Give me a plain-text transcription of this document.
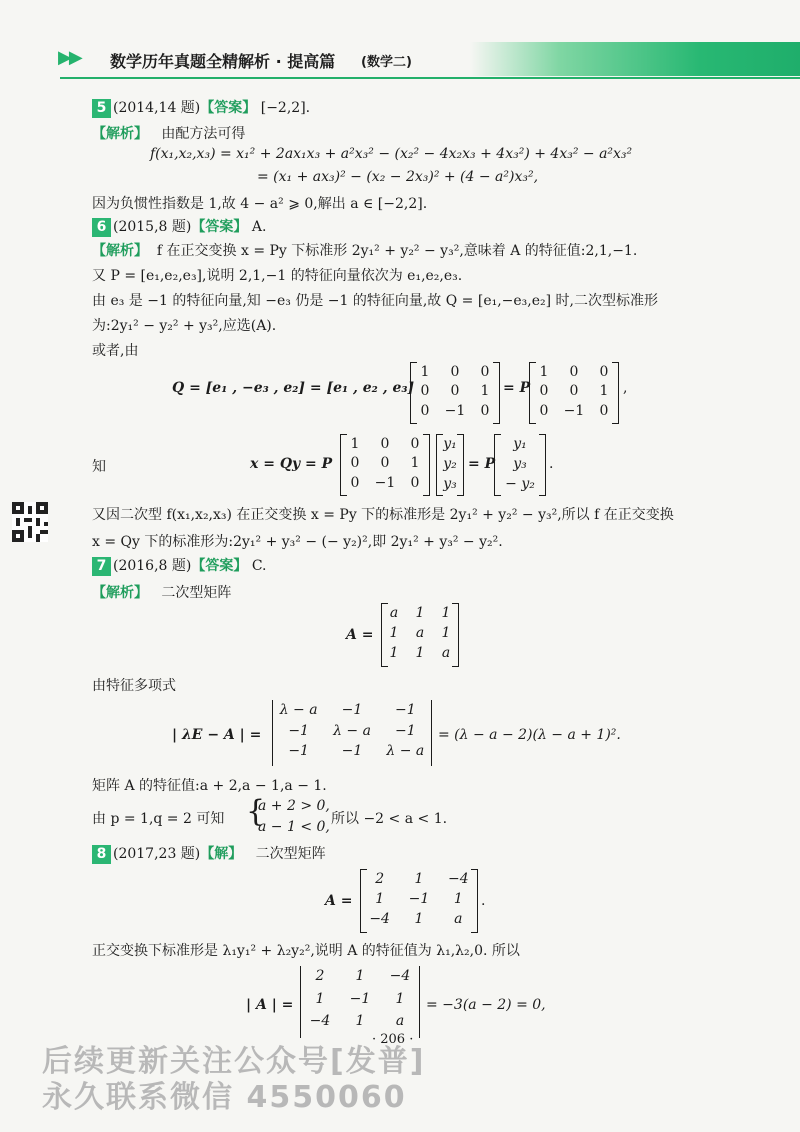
▶▶ 数学历年真题全精解析 · 提高篇 (数学二)
5 (2014,14 题)【答案】 [−2,2].
【解析】 由配方法可得
f(x₁,x₂,x₃) = x₁² + 2ax₁x₃ + a²x₃² − (x₂² − 4x₂x₃ + 4x₃²) + 4x₃² − a²x₃²
= (x₁ + ax₃)² − (x₂ − 2x₃)² + (4 − a²)x₃²,
因为负惯性指数是 1,故 4 − a² ⩾ 0,解出 a ∈ [−2,2].
6 (2015,8 题)【答案】 A.
【解析】 f 在正交变换 x = Py 下标准形 2y₁² + y₂² − y₃²,意味着 A 的特征值:2,1,−1.
又 P = [e₁,e₂,e₃],说明 2,1,−1 的特征向量依次为 e₁,e₂,e₃.
由 e₃ 是 −1 的特征向量,知 −e₃ 仍是 −1 的特征向量,故 Q = [e₁,−e₃,e₂] 时,二次型标准形
为:2y₁² − y₂² + y₃²,应选(A).
或者,由
Q = [e₁ , −e₃ , e₂] = [e₁ , e₂ , e₃]
1	0	0
0	0	1
0	−1	0
= P
1	0	0
0	0	1
0	−1	0
,
知	x = Qy = P
1	0	0
0	0	1
0	−1	0
y₁
y₂
y₃
= P
y₁
y₃
− y₂
.
又因二次型 f(x₁,x₂,x₃) 在正交变换 x = Py 下的标准形是 2y₁² + y₂² − y₃²,所以 f 在正交变换
x = Qy 下的标准形为:2y₁² + y₃² − (− y₂)²,即 2y₁² + y₃² − y₂².
7 (2016,8 题)【答案】 C.
【解析】 二次型矩阵
A =
a	1	1
1	a	1
1	1	a
由特征多项式
| λE − A | =
λ − a	−1	−1
−1	λ − a	−1
−1	−1	λ − a
= (λ − a − 2)(λ − a + 1)².
矩阵 A 的特征值:a + 2,a − 1,a − 1.
由 p = 1,q = 2 可知 {
a + 2 > 0,
a − 1 < 0, 所以 −2 < a < 1.
8 (2017,23 题)【解】 二次型矩阵
A =
2	1	−4
1	−1	1
−4	1	a
.
正交变换下标准形是 λ₁y₁² + λ₂y₂²,说明 A 的特征值为 λ₁,λ₂,0. 所以
| A | =
2	1	−4
1	−1	1
−4	1	a
= −3(a − 2) = 0,
· 206 ·
后续更新关注公众号[发普]
永久联系微信 4550060
